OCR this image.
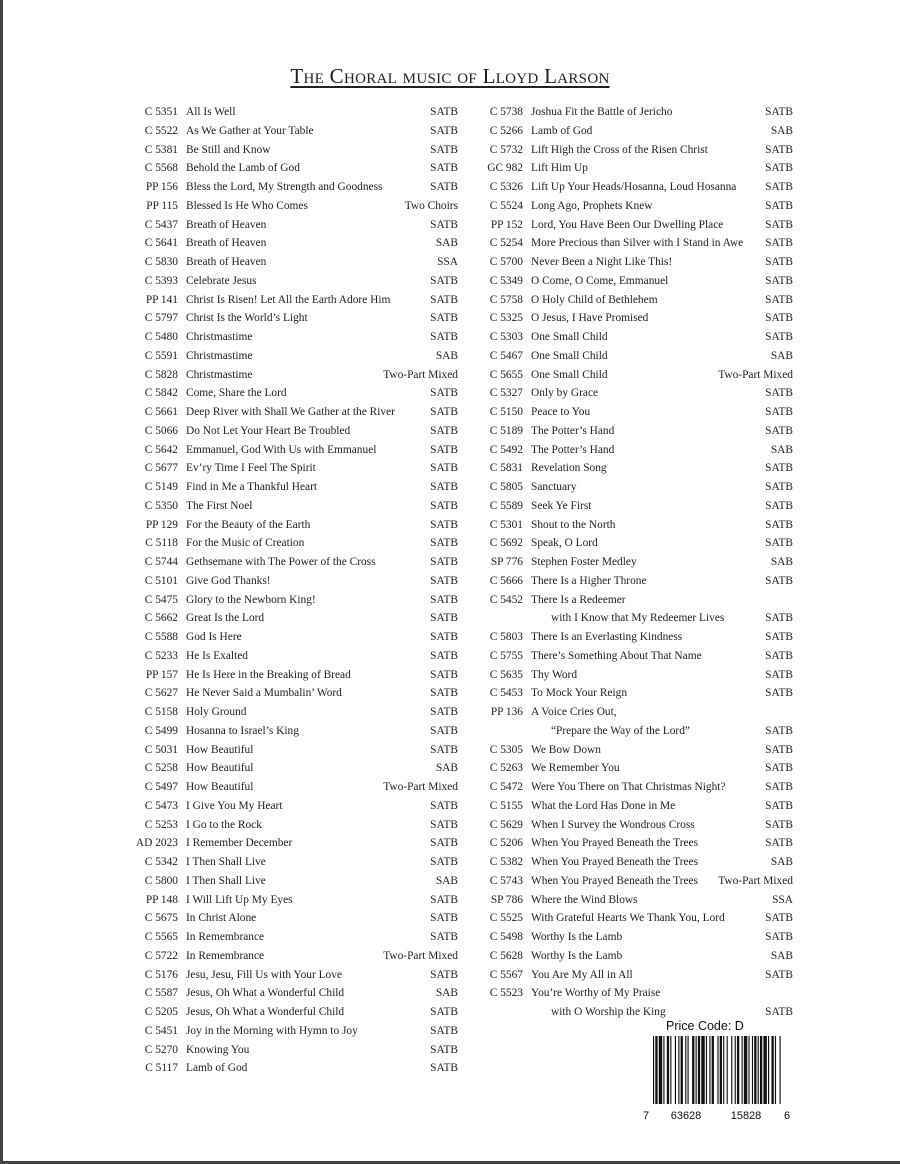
The Choral music of Lloyd Larson
C 5351 All Is Well	SATB
C 5522 As We Gather at Your Table	SATB
C 5381 Be Still and Know	SATB
C 5568 Behold the Lamb of God	SATB
PP 156 Bless the Lord, My Strength and Goodness	SATB
PP 115 Blessed Is He Who Comes	Two Choirs
C 5437 Breath of Heaven	SATB
C 5641 Breath of Heaven	SAB
C 5830 Breath of Heaven	SSA
C 5393 Celebrate Jesus	SATB
PP 141 Christ Is Risen! Let All the Earth Adore Him	SATB
C 5797 Christ Is the World’s Light	SATB
C 5480 Christmastime	SATB
C 5591 Christmastime	SAB
C 5828 Christmastime	Two-Part Mixed
C 5842 Come, Share the Lord	SATB
C 5661 Deep River with Shall We Gather at the River	SATB
C 5066 Do Not Let Your Heart Be Troubled	SATB
C 5642 Emmanuel, God With Us with Emmanuel	SATB
C 5677 Ev’ry Time I Feel The Spirit	SATB
C 5149 Find in Me a Thankful Heart	SATB
C 5350 The First Noel	SATB
PP 129 For the Beauty of the Earth	SATB
C 5118 For the Music of Creation	SATB
C 5744 Gethsemane with The Power of the Cross	SATB
C 5101 Give God Thanks!	SATB
C 5475 Glory to the Newborn King!	SATB
C 5662 Great Is the Lord	SATB
C 5588 God Is Here	SATB
C 5233 He Is Exalted	SATB
PP 157 He Is Here in the Breaking of Bread	SATB
C 5627 He Never Said a Mumbalin’ Word	SATB
C 5158 Holy Ground	SATB
C 5499 Hosanna to Israel’s King	SATB
C 5031 How Beautiful	SATB
C 5258 How Beautiful	SAB
C 5497 How Beautiful	Two-Part Mixed
C 5473 I Give You My Heart	SATB
C 5253 I Go to the Rock	SATB
AD 2023 I Remember December	SATB
C 5342 I Then Shall Live	SATB
C 5800 I Then Shall Live	SAB
PP 148 I Will Lift Up My Eyes	SATB
C 5675 In Christ Alone	SATB
C 5565 In Remembrance	SATB
C 5722 In Remembrance	Two-Part Mixed
C 5176 Jesu, Jesu, Fill Us with Your Love	SATB
C 5587 Jesus, Oh What a Wonderful Child	SAB
C 5205 Jesus, Oh What a Wonderful Child	SATB
C 5451 Joy in the Morning with Hymn to Joy	SATB
C 5270 Knowing You	SATB
C 5117 Lamb of God	SATB
C 5738 Joshua Fit the Battle of Jericho	SATB
C 5266 Lamb of God	SAB
C 5732 Lift High the Cross of the Risen Christ	SATB
GC 982 Lift Him Up	SATB
C 5326 Lift Up Your Heads/Hosanna, Loud Hosanna	SATB
C 5524 Long Ago, Prophets Knew	SATB
PP 152 Lord, You Have Been Our Dwelling Place	SATB
C 5254 More Precious than Silver with I Stand in Awe	SATB
C 5700 Never Been a Night Like This!	SATB
C 5349 O Come, O Come, Emmanuel	SATB
C 5758 O Holy Child of Bethlehem	SATB
C 5325 O Jesus, I Have Promised	SATB
C 5303 One Small Child	SATB
C 5467 One Small Child	SAB
C 5655 One Small Child	Two-Part Mixed
C 5327 Only by Grace	SATB
C 5150 Peace to You	SATB
C 5189 The Potter’s Hand	SATB
C 5492 The Potter’s Hand	SAB
C 5831 Revelation Song	SATB
C 5805 Sanctuary	SATB
C 5589 Seek Ye First	SATB
C 5301 Shout to the North	SATB
C 5692 Speak, O Lord	SATB
SP 776 Stephen Foster Medley	SAB
C 5666 There Is a Higher Throne	SATB
C 5452 There Is a Redeemer
with I Know that My Redeemer Lives	SATB
C 5803 There Is an Everlasting Kindness	SATB
C 5755 There’s Something About That Name	SATB
C 5635 Thy Word	SATB
C 5453 To Mock Your Reign	SATB
PP 136 A Voice Cries Out,
“Prepare the Way of the Lord”	SATB
C 5305 We Bow Down	SATB
C 5263 We Remember You	SATB
C 5472 Were You There on That Christmas Night?	SATB
C 5155 What the Lord Has Done in Me	SATB
C 5629 When I Survey the Wondrous Cross	SATB
C 5206 When You Prayed Beneath the Trees	SATB
C 5382 When You Prayed Beneath the Trees	SAB
C 5743 When You Prayed Beneath the Trees	Two-Part Mixed
SP 786 Where the Wind Blows	SSA
C 5525 With Grateful Hearts We Thank You, Lord	SATB
C 5498 Worthy Is the Lamb	SATB
C 5628 Worthy Is the Lamb	SAB
C 5567 You Are My All in All	SATB
C 5523 You’re Worthy of My Praise
with O Worship the King	SATB
Price Code: D
7 63628	15828 6
